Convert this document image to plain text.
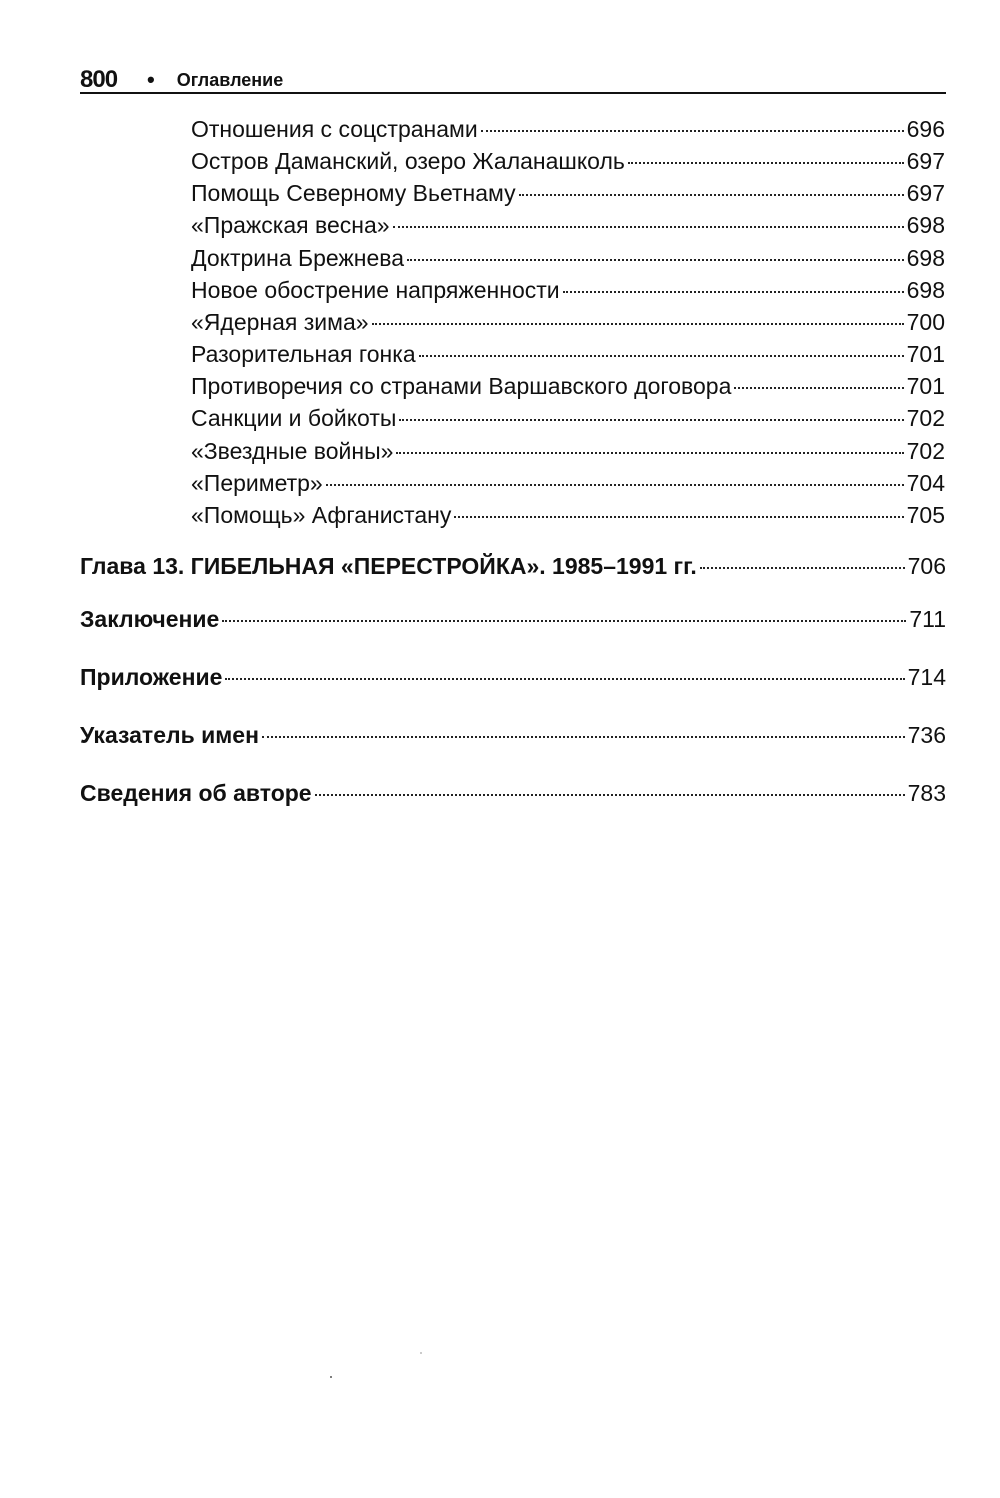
800 • Оглавление
Отношения с соцстранами	696
Остров Даманский, озеро Жаланашколь	697
Помощь Северному Вьетнаму	697
«Пражская весна»	698
Доктрина Брежнева	698
Новое обострение напряженности	698
«Ядерная зима»	700
Разорительная гонка	701
Противоречия со странами Варшавского договора	701
Санкции и бойкоты	702
«Звездные войны»	702
«Периметр»	704
«Помощь» Афганистану	705
Глава 13. ГИБЕЛЬНАЯ «ПЕРЕСТРОЙКА». 1985–1991 гг.	706
Заключение	711
Приложение	714
Указатель имен	736
Сведения об авторе	783
